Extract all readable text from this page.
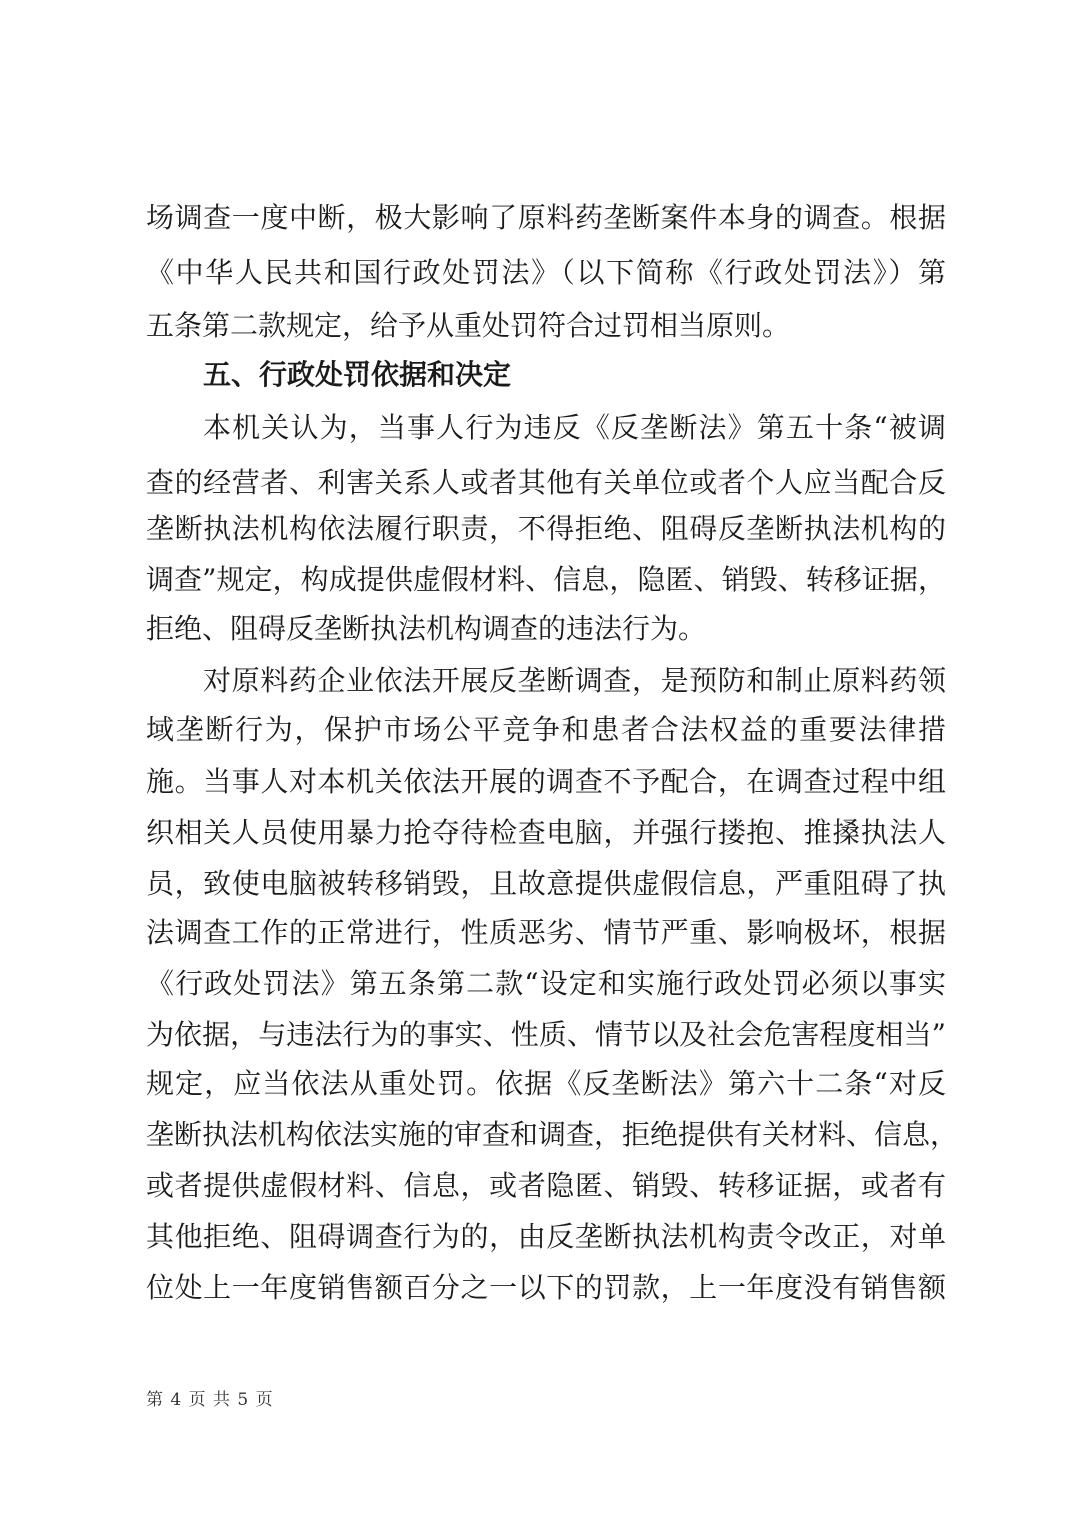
场调查一度中断，极大影响了原料药垄断案件本身的调查。根据
《中华人民共和国行政处罚法》（以下简称《行政处罚法》）第
五条第二款规定，给予从重处罚符合过罚相当原则。
五、行政处罚依据和决定
本机关认为，当事人行为违反《反垄断法》第五十条“被调
查的经营者、利害关系人或者其他有关单位或者个人应当配合反
垄断执法机构依法履行职责，不得拒绝、阻碍反垄断执法机构的
调查”规定，构成提供虚假材料、信息，隐匿、销毁、转移证据，
拒绝、阻碍反垄断执法机构调查的违法行为。
对原料药企业依法开展反垄断调查，是预防和制止原料药领
域垄断行为，保护市场公平竞争和患者合法权益的重要法律措
施。当事人对本机关依法开展的调查不予配合，在调查过程中组
织相关人员使用暴力抢夺待检查电脑，并强行搂抱、推搡执法人
员，致使电脑被转移销毁，且故意提供虚假信息，严重阻碍了执
法调查工作的正常进行，性质恶劣、情节严重、影响极坏，根据
《行政处罚法》第五条第二款“设定和实施行政处罚必须以事实
为依据，与违法行为的事实、性质、情节以及社会危害程度相当”
规定，应当依法从重处罚。依据《反垄断法》第六十二条“对反
垄断执法机构依法实施的审查和调查，拒绝提供有关材料、信息，
或者提供虚假材料、信息，或者隐匿、销毁、转移证据，或者有
其他拒绝、阻碍调查行为的，由反垄断执法机构责令改正，对单
位处上一年度销售额百分之一以下的罚款，上一年度没有销售额
第 4 页 共 5 页
